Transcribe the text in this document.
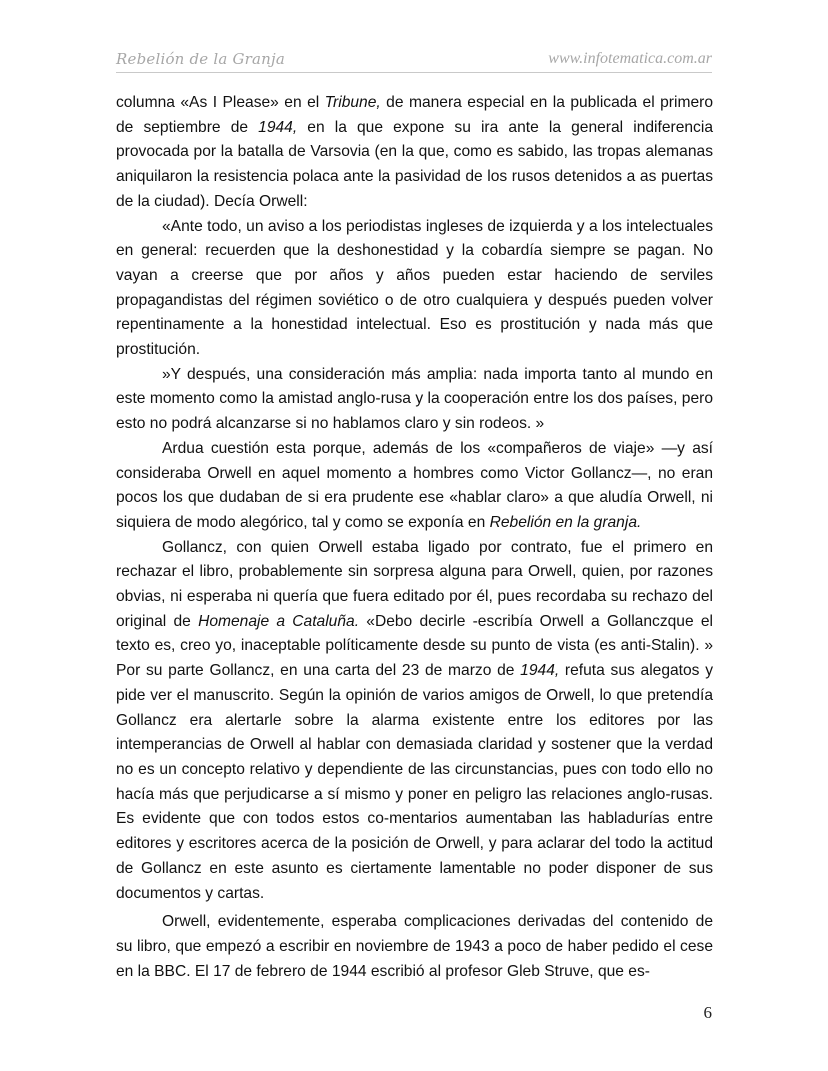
Rebelión de la Granja	www.infotematica.com.ar

columna «As I Please» en el Tribune, de manera especial en la publicada el primero de septiembre de 1944, en la que expone su ira ante la general indiferencia provocada por la batalla de Varsovia (en la que, como es sabido, las tropas alemanas aniquilaron la resistencia polaca ante la pasividad de los rusos detenidos a as puertas de la ciudad). Decía Orwell:

«Ante todo, un aviso a los periodistas ingleses de izquierda y a los intelectuales en general: recuerden que la deshonestidad y la cobardía siempre se pagan. No vayan a creerse que por años y años pueden estar haciendo de serviles propagandistas del régimen soviético o de otro cualquiera y después pueden volver repentinamente a la honestidad intelectual. Eso es prostitución y nada más que prostitución.

»Y después, una consideración más amplia: nada importa tanto al mundo en este momento como la amistad anglo-rusa y la cooperación entre los dos países, pero esto no podrá alcanzarse si no hablamos claro y sin rodeos. »

Ardua cuestión esta porque, además de los «compañeros de viaje» —y así consideraba Orwell en aquel momento a hombres como Victor Gollancz—, no eran pocos los que dudaban de si era prudente ese «hablar claro» a que aludía Orwell, ni siquiera de modo alegórico, tal y como se exponía en Rebelión en la granja.

Gollancz, con quien Orwell estaba ligado por contrato, fue el primero en rechazar el libro, probablemente sin sorpresa alguna para Orwell, quien, por razones obvias, ni esperaba ni quería que fuera editado por él, pues recordaba su rechazo del original de Homenaje a Cataluña. «Debo decirle -escribía Orwell a Gollanczque el texto es, creo yo, inaceptable políticamente desde su punto de vista (es anti-Stalin). » Por su parte Gollancz, en una carta del 23 de marzo de 1944, refuta sus alegatos y pide ver el manuscrito. Según la opinión de varios amigos de Orwell, lo que pretendía Gollancz era alertarle sobre la alarma existente entre los editores por las intemperancias de Orwell al hablar con demasiada claridad y sostener que la verdad no es un concepto relativo y dependiente de las circunstancias, pues con todo ello no hacía más que perjudicarse a sí mismo y poner en peligro las relaciones anglo-rusas. Es evidente que con todos estos co-mentarios aumentaban las habladurías entre editores y escritores acerca de la posición de Orwell, y para aclarar del todo la actitud de Gollancz en este asunto es ciertamente lamentable no poder disponer de sus documentos y cartas.

Orwell, evidentemente, esperaba complicaciones derivadas del contenido de su libro, que empezó a escribir en noviembre de 1943 a poco de haber pedido el cese en la BBC. El 17 de febrero de 1944 escribió al profesor Gleb Struve, que es-

6
